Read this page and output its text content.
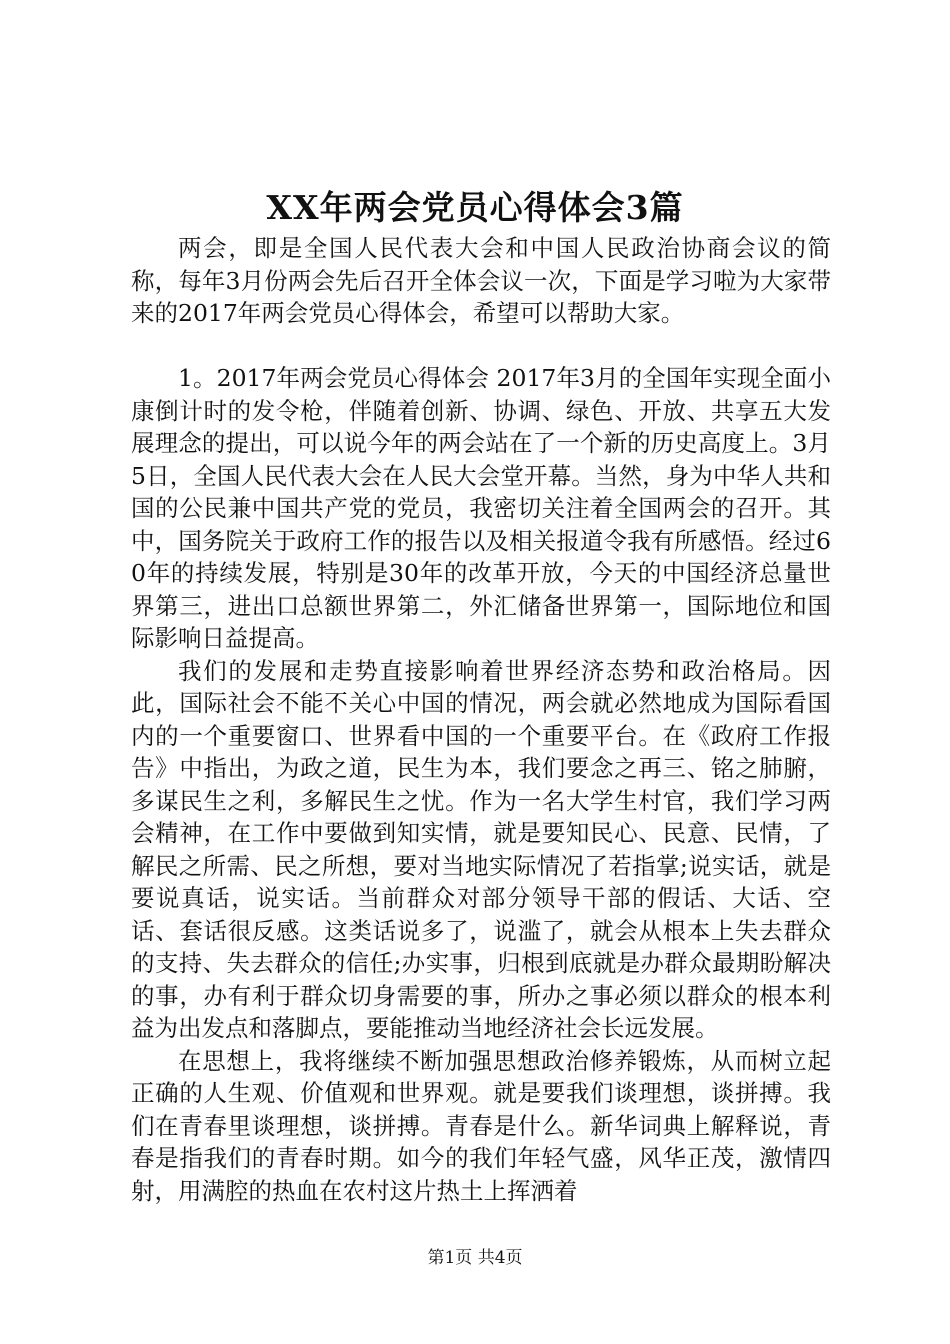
XX年两会党员心得体会3篇

两会，即是全国人民代表大会和中国人民政治协商会议的简称，每年3月份两会先后召开全体会议一次，下面是学习啦为大家带来的2017年两会党员心得体会，希望可以帮助大家。

1。2017年两会党员心得体会 2017年3月的全国年实现全面小康倒计时的发令枪，伴随着创新、协调、绿色、开放、共享五大发展理念的提出，可以说今年的两会站在了一个新的历史高度上。3月5日，全国人民代表大会在人民大会堂开幕。当然，身为中华人共和国的公民兼中国共产党的党员，我密切关注着全国两会的召开。其中，国务院关于政府工作的报告以及相关报道令我有所感悟。经过60年的持续发展，特别是30年的改革开放，今天的中国经济总量世界第三，进出口总额世界第二，外汇储备世界第一，国际地位和国际影响日益提高。

我们的发展和走势直接影响着世界经济态势和政治格局。因此，国际社会不能不关心中国的情况，两会就必然地成为国际看国内的一个重要窗口、世界看中国的一个重要平台。在《政府工作报告》中指出，为政之道，民生为本，我们要念之再三、铭之肺腑，多谋民生之利，多解民生之忧。作为一名大学生村官，我们学习两会精神，在工作中要做到知实情，就是要知民心、民意、民情，了解民之所需、民之所想，要对当地实际情况了若指掌;说实话，就是要说真话，说实话。当前群众对部分领导干部的假话、大话、空话、套话很反感。这类话说多了，说滥了，就会从根本上失去群众的支持、失去群众的信任;办实事，归根到底就是办群众最期盼解决的事，办有利于群众切身需要的事，所办之事必须以群众的根本利益为出发点和落脚点，要能推动当地经济社会长远发展。

在思想上，我将继续不断加强思想政治修养锻炼，从而树立起正确的人生观、价值观和世界观。就是要我们谈理想，谈拼搏。我们在青春里谈理想，谈拼搏。青春是什么。新华词典上解释说，青春是指我们的青春时期。如今的我们年轻气盛，风华正茂，激情四射，用满腔的热血在农村这片热土上挥洒着

第1页 共4页
